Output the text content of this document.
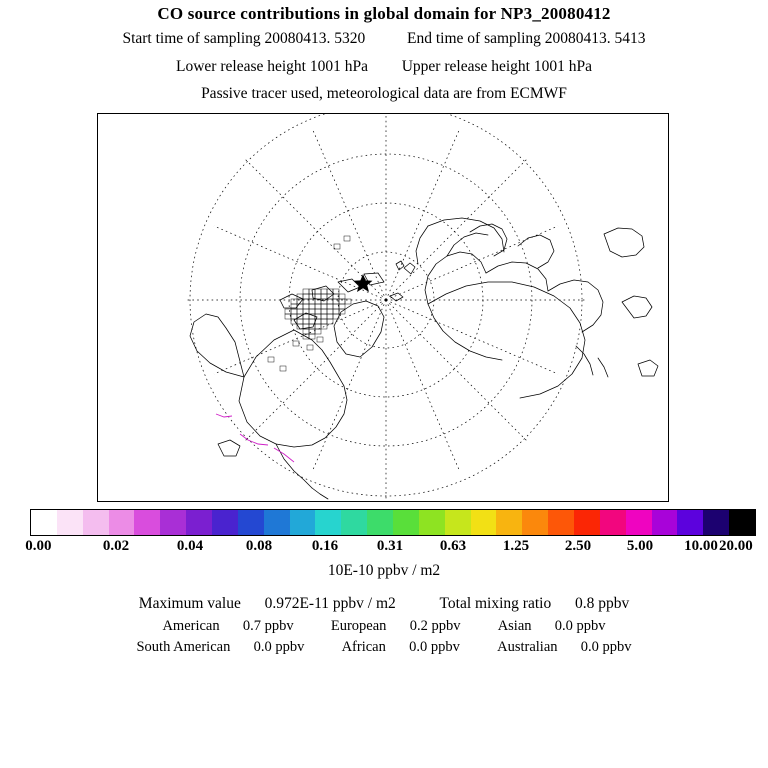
CO source contributions in global domain for NP3_20080412
Start time of sampling 20080413. 5320	End time of sampling 20080413. 5413
Lower release height 1001 hPa Upper release height 1001 hPa
Passive tracer used, meteorological data are from ECMWF
0.00	0.02	0.04	0.08	0.16	0.31 0.63 1.25 2.50 5.00 10.00 20.00
10E-10 ppbv / m2
Maximum value 0.972E-11 ppbv / m2	Total mixing ratio 0.8 ppbv
American 0.7 ppbv	European 0.2 ppbv	Asian 0.0 ppbv
South American 0.0 ppbv	African 0.0 ppbv	Australian 0.0 ppbv
